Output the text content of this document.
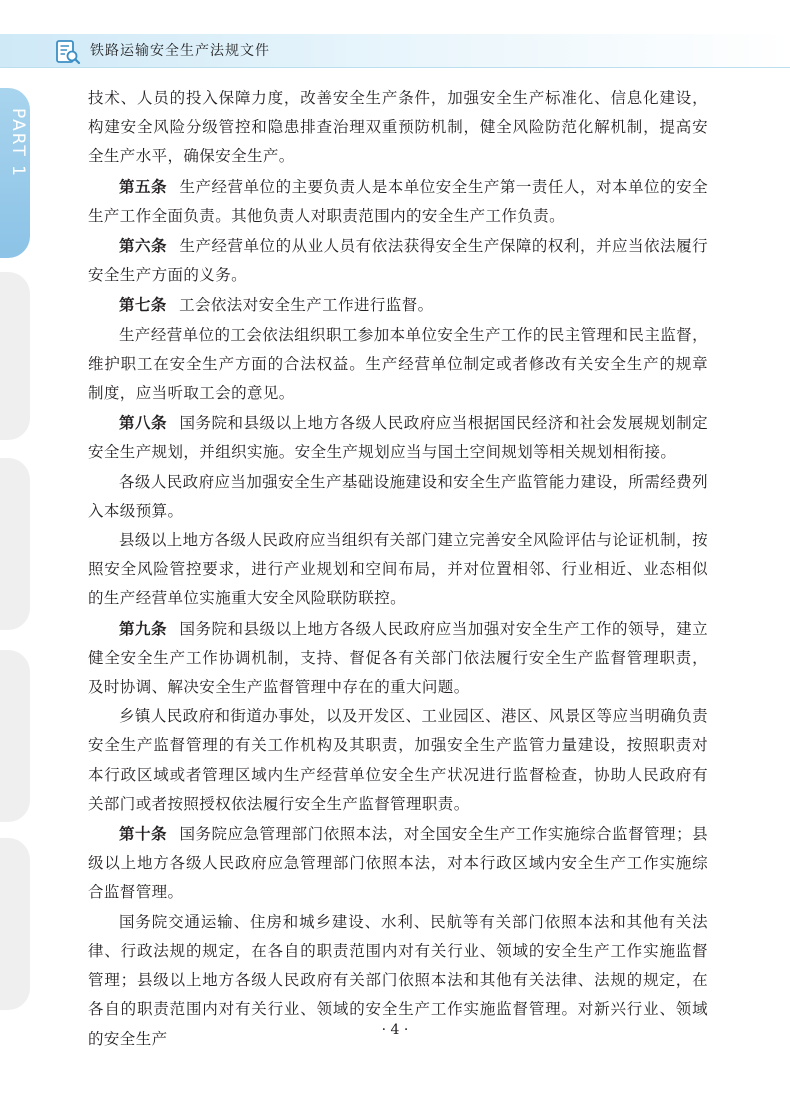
铁路运输安全生产法规文件
PART 1

技术、人员的投入保障力度，改善安全生产条件，加强安全生产标准化、信息化建设，构建安全风险分级管控和隐患排查治理双重预防机制，健全风险防范化解机制，提高安全生产水平，确保安全生产。

第五条 生产经营单位的主要负责人是本单位安全生产第一责任人，对本单位的安全生产工作全面负责。其他负责人对职责范围内的安全生产工作负责。

第六条 生产经营单位的从业人员有依法获得安全生产保障的权利，并应当依法履行安全生产方面的义务。

第七条 工会依法对安全生产工作进行监督。

生产经营单位的工会依法组织职工参加本单位安全生产工作的民主管理和民主监督，维护职工在安全生产方面的合法权益。生产经营单位制定或者修改有关安全生产的规章制度，应当听取工会的意见。

第八条 国务院和县级以上地方各级人民政府应当根据国民经济和社会发展规划制定安全生产规划，并组织实施。安全生产规划应当与国土空间规划等相关规划相衔接。

各级人民政府应当加强安全生产基础设施建设和安全生产监管能力建设，所需经费列入本级预算。

县级以上地方各级人民政府应当组织有关部门建立完善安全风险评估与论证机制，按照安全风险管控要求，进行产业规划和空间布局，并对位置相邻、行业相近、业态相似的生产经营单位实施重大安全风险联防联控。

第九条 国务院和县级以上地方各级人民政府应当加强对安全生产工作的领导，建立健全安全生产工作协调机制，支持、督促各有关部门依法履行安全生产监督管理职责，及时协调、解决安全生产监督管理中存在的重大问题。

乡镇人民政府和街道办事处，以及开发区、工业园区、港区、风景区等应当明确负责安全生产监督管理的有关工作机构及其职责，加强安全生产监管力量建设，按照职责对本行政区域或者管理区域内生产经营单位安全生产状况进行监督检查，协助人民政府有关部门或者按照授权依法履行安全生产监督管理职责。

第十条 国务院应急管理部门依照本法，对全国安全生产工作实施综合监督管理；县级以上地方各级人民政府应急管理部门依照本法，对本行政区域内安全生产工作实施综合监督管理。

国务院交通运输、住房和城乡建设、水利、民航等有关部门依照本法和其他有关法律、行政法规的规定，在各自的职责范围内对有关行业、领域的安全生产工作实施监督管理；县级以上地方各级人民政府有关部门依照本法和其他有关法律、法规的规定，在各自的职责范围内对有关行业、领域的安全生产工作实施监督管理。对新兴行业、领域的安全生产	· 4 ·
